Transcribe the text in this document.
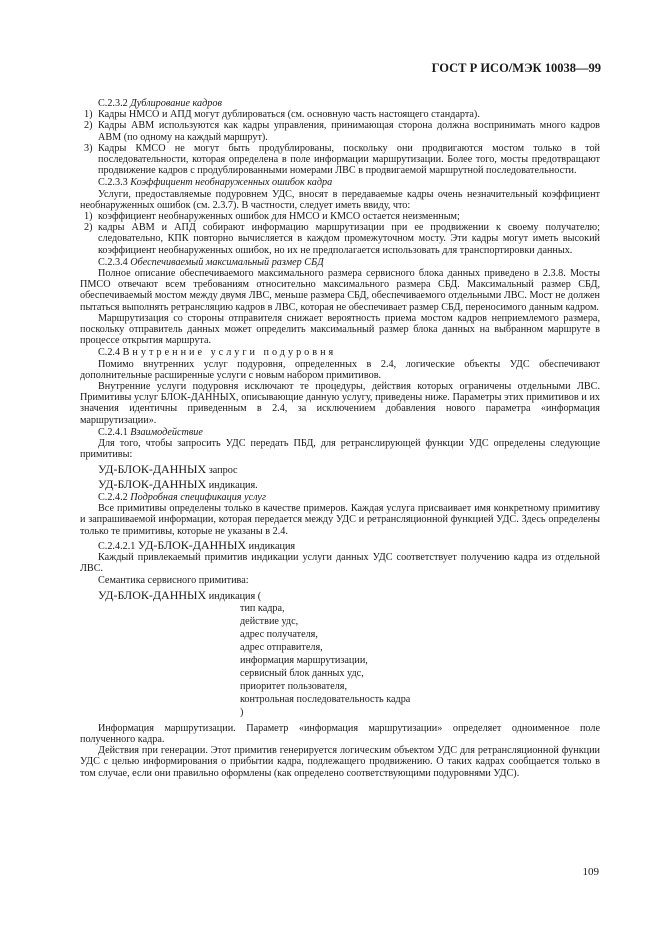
ГОСТ Р ИСО/МЭК 10038—99

С.2.3.2 Дублирование кадров

1) Кадры НМСО и АПД могут дублироваться (см. основную часть настоящего стандарта).
2) Кадры АВМ используются как кадры управления, принимающая сторона должна воспринимать много кадров АВМ (по одному на каждый маршрут).
3) Кадры КМСО не могут быть продублированы, поскольку они продвигаются мостом только в той последовательности, которая определена в поле информации маршрутизации. Более того, мосты предотвращают продвижение кадров с продублированными номерами ЛВС в продвигаемой маршрутной последовательности.

С.2.3.3 Коэффициент необнаруженных ошибок кадра

Услуги, предоставляемые подуровнем УДС, вносят в передаваемые кадры очень незначительный коэффициент необнаруженных ошибок (см. 2.3.7). В частности, следует иметь ввиду, что:

1) коэффициент необнаруженных ошибок для НМСО и КМСО остается неизменным;
2) кадры АВМ и АПД собирают информацию маршрутизации при ее продвижении к своему получателю; следовательно, КПК повторно вычисляется в каждом промежуточном мосту. Эти кадры могут иметь высокий коэффициент необнаруженных ошибок, но их не предполагается использовать для транспортировки данных.

С.2.3.4 Обеспечиваемый максимальный размер СБД

Полное описание обеспечиваемого максимального размера сервисного блока данных приведено в 2.3.8. Мосты ПМСО отвечают всем требованиям относительно максимального размера СБД. Максимальный размер СБД, обеспечиваемый мостом между двумя ЛВС, меньше размера СБД, обеспечиваемого отдельными ЛВС. Мост не должен пытаться выполнять ретрансляцию кадров в ЛВС, которая не обеспечивает размер СБД, переносимого данным кадром.

Маршрутизация со стороны отправителя снижает вероятность приема мостом кадров неприемлемого размера, поскольку отправитель данных может определить максимальный размер блока данных на выбранном маршруте в процессе открытия маршрута.

С.2.4 Внутренние услуги подуровня

Помимо внутренних услуг подуровня, определенных в 2.4, логические объекты УДС обеспечивают дополнительные расширенные услуги с новым набором примитивов.

Внутренние услуги подуровня исключают те процедуры, действия которых ограничены отдельными ЛВС. Примитивы услуг БЛОК-ДАННЫХ, описывающие данную услугу, приведены ниже. Параметры этих примитивов и их значения идентичны приведенным в 2.4, за исключением добавления нового параметра «информация маршрутизации».

С.2.4.1 Взаимодействие

Для того, чтобы запросить УДС передать ПБД, для ретранслирующей функции УДС определены следующие примитивы:

УД-БЛОК-ДАННЫХ запрос

УД-БЛОК-ДАННЫХ индикация.

С.2.4.2 Подробная спецификация услуг

Все примитивы определены только в качестве примеров. Каждая услуга присваивает имя конкретному примитиву и запрашиваемой информации, которая передается между УДС и ретрансляционной функцией УДС. Здесь определены только те примитивы, которые не указаны в 2.4.

С.2.4.2.1 УД-БЛОК-ДАННЫХ индикация

Каждый привлекаемый примитив индикации услуги данных УДС соответствует получению кадра из отдельной ЛВС.

Семантика сервисного примитива:

УД-БЛОК-ДАННЫХ индикация (

тип кадра,
действие удс,
адрес получателя,
адрес отправителя,
информация маршрутизации,
сервисный блок данных удс,
приоритет пользователя,
контрольная последовательность кадра
)

Информация маршрутизации. Параметр «информация маршрутизации» определяет одноименное поле полученного кадра.

Действия при генерации. Этот примитив генерируется логическим объектом УДС для ретрансляционной функции УДС с целью информирования о прибытии кадра, подлежащего продвижению. О таких кадрах сообщается только в том случае, если они правильно оформлены (как определено соответствующими подуровнями УДС).

109
